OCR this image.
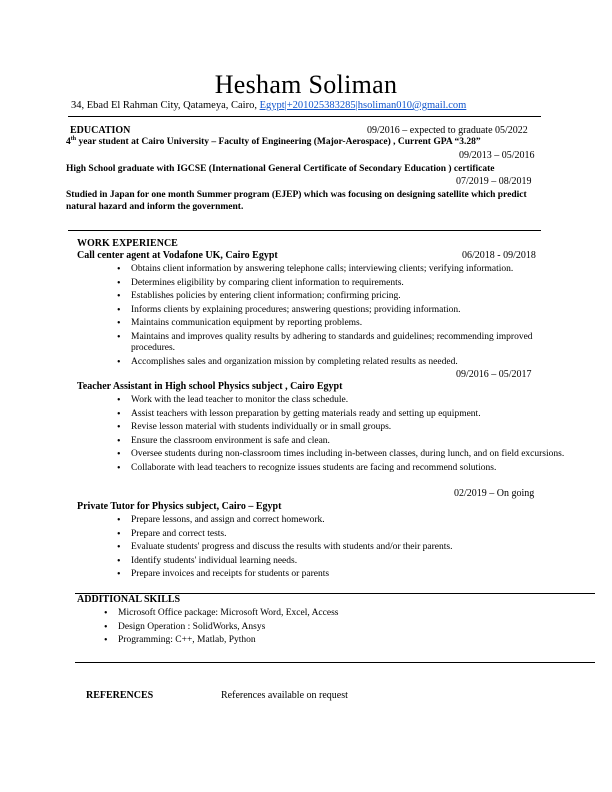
Hesham Soliman
34, Ebad El Rahman City, Qatameya, Cairo, Egypt|+201025383285|hsoliman010@gmail.com
EDUCATION	09/2016 – expected to graduate 05/2022
4th year student at Cairo University – Faculty of Engineering (Major-Aerospace) , Current GPA “3.28”
09/2013 – 05/2016
High School graduate with IGCSE (International General Certificate of Secondary Education ) certificate
07/2019 – 08/2019
Studied in Japan for one month Summer program (EJEP) which was focusing on designing satellite which predict natural hazard and inform the government.
WORK EXPERIENCE
Call center agent at Vodafone UK, Cairo Egypt	06/2018 - 09/2018
• Obtains client information by answering telephone calls; interviewing clients; verifying information.
• Determines eligibility by comparing client information to requirements.
• Establishes policies by entering client information; confirming pricing.
• Informs clients by explaining procedures; answering questions; providing information.
• Maintains communication equipment by reporting problems.
• Maintains and improves quality results by adhering to standards and guidelines; recommending improved procedures.
• Accomplishes sales and organization mission by completing related results as needed.
09/2016 – 05/2017
Teacher Assistant in High school Physics subject , Cairo Egypt
• Work with the lead teacher to monitor the class schedule.
• Assist teachers with lesson preparation by getting materials ready and setting up equipment.
• Revise lesson material with students individually or in small groups.
• Ensure the classroom environment is safe and clean.
• Oversee students during non-classroom times including in-between classes, during lunch, and on field excursions.
• Collaborate with lead teachers to recognize issues students are facing and recommend solutions.
02/2019 – On going
Private Tutor for Physics subject, Cairo – Egypt
• Prepare lessons, and assign and correct homework.
• Prepare and correct tests.
• Evaluate students' progress and discuss the results with students and/or their parents.
• Identify students' individual learning needs.
• Prepare invoices and receipts for students or parents
ADDITIONAL SKILLS
• Microsoft Office package: Microsoft Word, Excel, Access
• Design Operation : SolidWorks, Ansys
• Programming: C++, Matlab, Python
REFERENCES	References available on request
